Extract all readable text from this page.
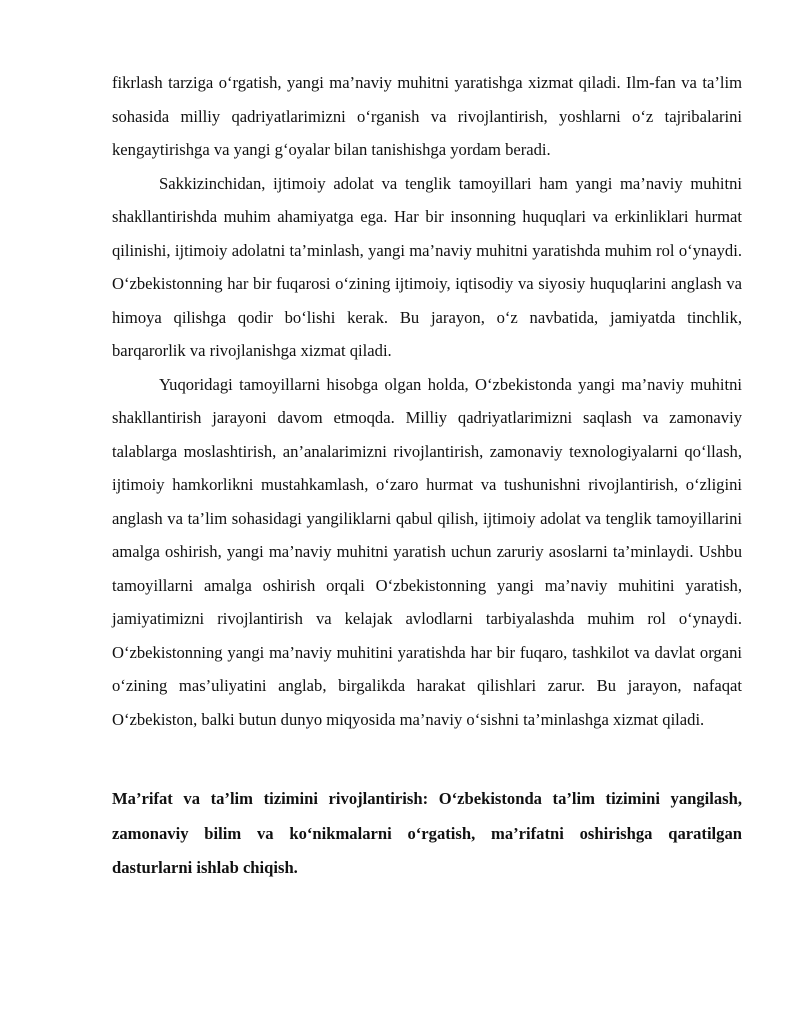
fikrlash tarziga o‘rgatish, yangi ma’naviy muhitni yaratishga xizmat qiladi. Ilm-fan va ta’lim sohasida milliy qadriyatlarimizni o‘rganish va rivojlantirish, yoshlarni o‘z tajribalarini kengaytirishga va yangi g‘oyalar bilan tanishishga yordam beradi.

Sakkizinchidan, ijtimoiy adolat va tenglik tamoyillari ham yangi ma’naviy muhitni shakllantirishda muhim ahamiyatga ega. Har bir insonning huquqlari va erkinliklari hurmat qilinishi, ijtimoiy adolatni ta’minlash, yangi ma’naviy muhitni yaratishda muhim rol o‘ynaydi. O‘zbekistonning har bir fuqarosi o‘zining ijtimoiy, iqtisodiy va siyosiy huquqlarini anglash va himoya qilishga qodir bo‘lishi kerak. Bu jarayon, o‘z navbatida, jamiyatda tinchlik, barqarorlik va rivojlanishga xizmat qiladi.

Yuqoridagi tamoyillarni hisobga olgan holda, O‘zbekistonda yangi ma’naviy muhitni shakllantirish jarayoni davom etmoqda. Milliy qadriyatlarimizni saqlash va zamonaviy talablarga moslashtirish, an’analarimizni rivojlantirish, zamonaviy texnologiyalarni qo‘llash, ijtimoiy hamkorlikni mustahkamlash, o‘zaro hurmat va tushunishni rivojlantirish, o‘zligini anglash va ta’lim sohasidagi yangiliklarni qabul qilish, ijtimoiy adolat va tenglik tamoyillarini amalga oshirish, yangi ma’naviy muhitni yaratish uchun zaruriy asoslarni ta’minlaydi. Ushbu tamoyillarni amalga oshirish orqali O‘zbekistonning yangi ma’naviy muhitini yaratish, jamiyatimizni rivojlantirish va kelajak avlodlarni tarbiyalashda muhim rol o‘ynaydi. O‘zbekistonning yangi ma’naviy muhitini yaratishda har bir fuqaro, tashkilot va davlat organi o‘zining mas’uliyatini anglab, birgalikda harakat qilishlari zarur. Bu jarayon, nafaqat O‘zbekiston, balki butun dunyo miqyosida ma’naviy o‘sishni ta’minlashga xizmat qiladi.

Ma’rifat va ta’lim tizimini rivojlantirish: O‘zbekistonda ta’lim tizimini yangilash, zamonaviy bilim va ko‘nikmalarni o‘rgatish, ma’rifatni oshirishga qaratilgan dasturlarni ishlab chiqish.
